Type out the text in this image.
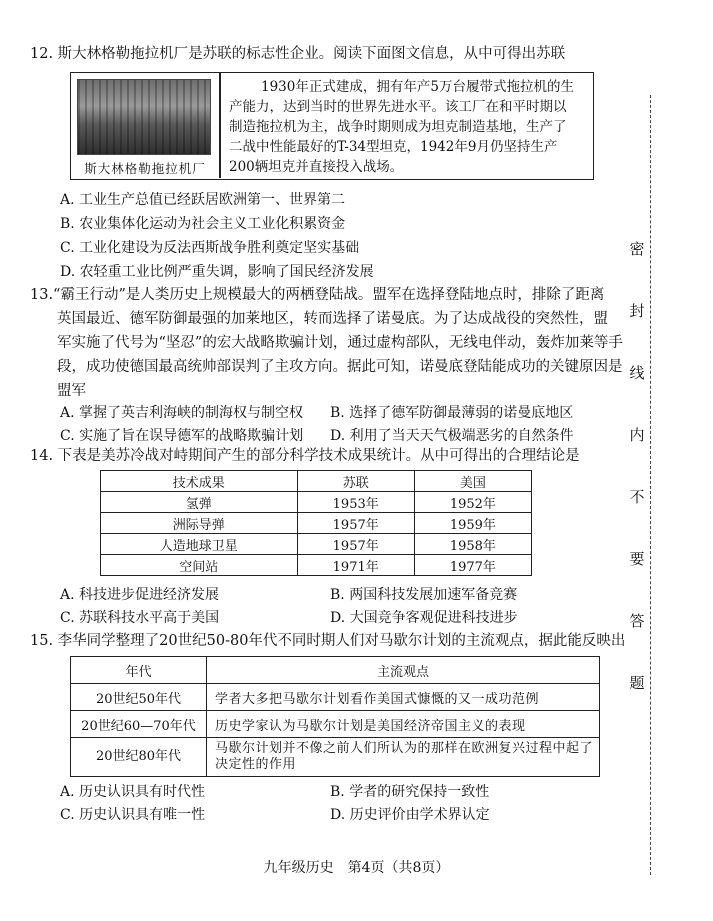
12. 斯大林格勒拖拉机厂是苏联的标志性企业。阅读下面图文信息，从中可得出苏联
斯大林格勒拖拉机厂
1930年正式建成，拥有年产5万台履带式拖拉机的生
产能力，达到当时的世界先进水平。该工厂在和平时期以
制造拖拉机为主，战争时期则成为坦克制造基地，生产了
二战中性能最好的T-34型坦克，1942年9月仍坚持生产
200辆坦克并直接投入战场。
A. 工业生产总值已经跃居欧洲第一、世界第二
B. 农业集体化运动为社会主义工业化积累资金
C. 工业化建设为反法西斯战争胜利奠定坚实基础
D. 农轻重工业比例严重失调，影响了国民经济发展
13.“霸王行动”是人类历史上规模最大的两栖登陆战。盟军在选择登陆地点时，排除了距离
英国最近、德军防御最强的加莱地区，转而选择了诺曼底。为了达成战役的突然性，盟
军实施了代号为“坚忍”的宏大战略欺骗计划，通过虚构部队，无线电伴动，轰炸加莱等手
段，成功使德国最高统帅部误判了主攻方向。据此可知，诺曼底登陆能成功的关键原因是
盟军
A. 掌握了英吉利海峡的制海权与制空权 B. 选择了德军防御最薄弱的诺曼底地区
C. 实施了旨在误导德军的战略欺骗计划 D. 利用了当天天气极端恶劣的自然条件
14. 下表是美苏冷战对峙期间产生的部分科学技术成果统计。从中可得出的合理结论是
技术成果	苏联	美国
氢弹	1953年	1952年
洲际导弹	1957年	1959年
人造地球卫星	1957年	1958年
空间站	1971年	1977年
A. 科技进步促进经济发展	B. 两国科技发展加速军备竞赛
C. 苏联科技水平高于美国	D. 大国竞争客观促进科技进步
15. 李华同学整理了20世纪50-80年代不同时期人们对马歇尔计划的主流观点，据此能反映出
年代	主流观点
20世纪50年代	学者大多把马歇尔计划看作美国式慷慨的又一成功范例
20世纪60—70年代	历史学家认为马歇尔计划是美国经济帝国主义的表现
20世纪80年代	马歇尔计划并不像之前人们所认为的那样在欧洲复兴过程中起了决定性的作用
A. 历史认识具有时代性	B. 学者的研究保持一致性
C. 历史认识具有唯一性	D. 历史评价由学术界认定
密
封
线
内
不
要
答
题
九年级历史　第4页（共8页）
